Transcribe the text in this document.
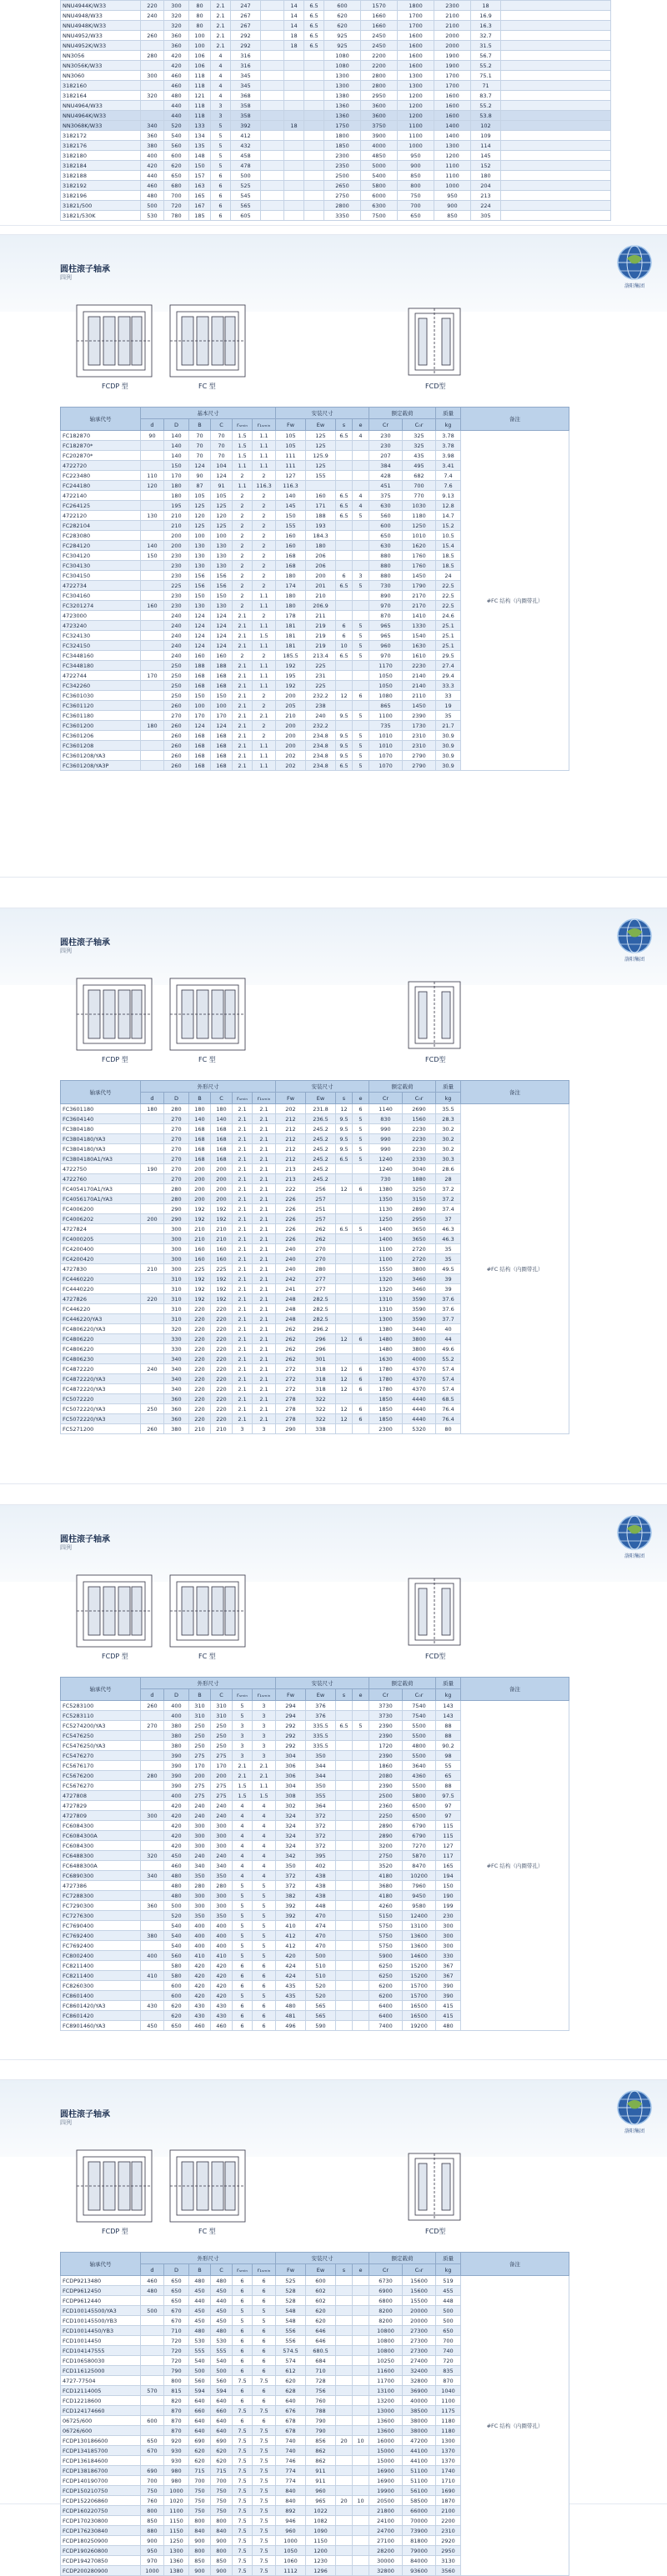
NNU4944K/W33	220	300	80	2.1	247		14	6.5	600	1570	1800	2300	18	
NNU4948/W33	240	320	80	2.1	267		14	6.5	620	1660	1700	2100	16.9	
NNU4948K/W33		320	80	2.1	267		14	6.5	620	1660	1700	2100	16.3	
NNU4952/W33	260	360	100	2.1	292		18	6.5	925	2450	1600	2000	32.7	
NNU4952K/W33		360	100	2.1	292		18	6.5	925	2450	1600	2000	31.5	
NN3056	280	420	106	4	316				1080	2200	1600	1900	56.7	
NN3056K/W33		420	106	4	316				1080	2200	1600	1900	55.2	
NN3060	300	460	118	4	345				1300	2800	1300	1700	75.1	
3182160		460	118	4	345				1300	2800	1300	1700	71	
3182164	320	480	121	4	368				1380	2950	1200	1600	83.7	
NNU4964/W33		440	118	3	358				1360	3600	1200	1600	55.2	
NNU4964K/W33		440	118	3	358				1360	3600	1200	1600	53.8	
NN3068K/W33	340	520	133	5	392		18		1750	3750	1100	1400	102	
3182172	360	540	134	5	412				1800	3900	1100	1400	109	
3182176	380	560	135	5	432				1850	4000	1000	1300	114	
3182180	400	600	148	5	458				2300	4850	950	1200	145	
3182184	420	620	150	5	478				2350	5000	900	1100	152	
3182188	440	650	157	6	500				2500	5400	850	1100	180	
3182192	460	680	163	6	525				2650	5800	800	1000	204	
3182196	480	700	165	6	545				2750	6000	750	950	213	
31821/500	500	720	167	6	565				2800	6300	700	900	224	
31821/530K	530	780	185	6	605				3350	7500	650	850	305	
圆柱滚子轴承
四列
洛阳集团
FCDP 型	FC 型	FCD型
轴承代号	基本尺寸						安装尺寸				额定载荷		质量	备注
	d	D	B	C	rₛₘᵢₙ	r₁ₛₘᵢₙ	Fw	Ew	s	e	Cr	C₀r	kg	
FC182870	90	140	70	70	1.5	1.1	105	125	6.5	4	230	325	3.78	#FC 结构（内圈带孔）
FC182870*		140	70	70	1.5	1.1	105	125			230	325	3.78	
FC202870*		140	70	70	1.5	1.1	111	125.9			207	435	3.98	
4722720		150	124	104	1.1	1.1	111	125			384	495	3.41	
FC223480	110	170	90	124	2	2	127	155			428	682	7.4	
FC244180	120	180	87	91	1.1	116.3	116.3				451	700	7.6	
4722140		180	105	105	2	2	140	160	6.5	4	375	770	9.13	
FC264125		195	125	125	2	2	145	171	6.5	4	630	1030	12.8	
4722120	130	210	120	120	2	2	150	188	6.5	5	560	1180	14.7	
FC282104		210	125	125	2	2	155	193			600	1250	15.2	
FC283080		200	100	100	2	2	160	184.3			650	1010	10.5	
FC284120	140	200	130	130	2	2	160	180			630	1620	15.4	
FC304120	150	230	130	130	2	2	168	206			880	1760	18.5	
FC304130		230	130	130	2	2	168	206			880	1760	18.5	
FC304150		230	156	156	2	2	180	200	6	3	880	1450	24	
4722734		225	156	156	2	2	174	201	6.5	5	730	1790	22.5	
FC304160		230	150	150	2	1.1	180	210			890	2170	22.5	
FC3201274	160	230	130	130	2	1.1	180	206.9			970	2170	22.5	
4723000		240	124	124	2.1	2	178	211			870	1410	24.6	
4723240		240	124	124	2.1	1.1	181	219	6	5	965	1330	25.1	
FC324130		240	124	124	2.1	1.5	181	219	6	5	965	1540	25.1	
FC324150		240	124	124	2.1	1.1	181	219	10	5	960	1630	25.1	
FC3448160		240	160	160	2	2	185.5	213.4	6.5	5	970	1610	29.5	
FC3448180		250	188	188	2.1	1.1	192	225			1170	2230	27.4	
4722744	170	250	168	168	2.1	1.1	195	231			1050	2140	29.4	
FC342260		250	168	168	2.1	1.1	192	225			1050	2140	33.3	
FC3601030		250	150	150	2.1	2	200	232.2	12	6	1080	2110	33	
FC3601120		260	100	100	2.1	2	205	238			865	1450	19	
FC3601180		270	170	170	2.1	2.1	210	240	9.5	5	1100	2390	35	
FC3601200	180	260	124	124	2.1	2	200	232.2			735	1730	21.7	
FC3601206		260	168	168	2.1	2	200	234.8	9.5	5	1010	2310	30.9	
FC3601208		260	168	168	2.1	1.1	200	234.8	9.5	5	1010	2310	30.9	
FC3601208/YA3		260	168	168	2.1	1.1	202	234.8	9.5	5	1070	2790	30.9	
FC3601208/YA3P		260	168	168	2.1	1.1	202	234.8	6.5	5	1070	2790	30.9	
圆柱滚子轴承
四列
洛阳集团
FCDP 型	FC 型	FCD型
轴承代号	外形尺寸						安装尺寸				额定载荷		质量	备注
	d	D	B	C	rₛₘᵢₙ	r₁ₛₘᵢₙ	Fw	Ew	s	e	Cr	C₀r	kg	
FC3601180	180	280	180	180	2.1	2.1	202	231.8	12	6	1140	2690	35.5	#FC 结构（内圈带孔）
FC3604140		270	140	140	2.1	2.1	212	236.5	9.5	5	830	1560	28.3	
FC3804180		270	168	168	2.1	2.1	212	245.2	9.5	5	990	2230	30.2	
FC3804180/YA3		270	168	168	2.1	2.1	212	245.2	9.5	5	990	2230	30.2	
FC3804180/YA3		270	168	168	2.1	2.1	212	245.2	9.5	5	990	2230	30.2	
FC3804180A1/YA3		270	168	168	2.1	2.1	212	245.2	6.5	5	1240	2330	30.3	
4722750	190	270	200	200	2.1	2.1	213	245.2			1240	3040	28.6	
4722760		270	200	200	2.1	2.1	213	245.2			730	1880	28	
FC4054170A1/YA3		280	200	200	2.1	2.1	222	256	12	6	1380	3250	37.2	
FC4056170A1/YA3		280	200	200	2.1	2.1	226	257			1350	3150	37.2	
FC4006200		290	192	192	2.1	2.1	226	251			1130	2890	37.4	
FC4006202	200	290	192	192	2.1	2.1	226	257			1250	2950	37	
4727824		300	210	210	2.1	2.1	226	262	6.5	5	1400	3650	46.3	
FC4000205		300	210	210	2.1	2.1	226	262			1400	3650	46.3	
FC4200400		300	160	160	2.1	2.1	240	270			1100	2720	35	
FC4200420		300	160	160	2.1	2.1	240	270			1100	2720	35	
4727830	210	300	225	225	2.1	2.1	240	280			1550	3800	49.5	
FC4460220		310	192	192	2.1	2.1	242	277			1320	3460	39	
FC4440220		310	192	192	2.1	2.1	241	277			1320	3460	39	
4727826	220	310	192	192	2.1	2.1	248	282.5			1310	3590	37.6	
FC446220		310	220	220	2.1	2.1	248	282.5			1310	3590	37.6	
FC446220/YA3		310	220	220	2.1	2.1	248	282.5			1300	3590	37.7	
FC4806220/YA3		320	220	220	2.1	2.1	262	296.2			1380	3440	40	
FC4806220		330	220	220	2.1	2.1	262	296	12	6	1480	3800	44	
FC4806220		330	220	220	2.1	2.1	262	296			1480	3800	49.6	
FC4806230		340	220	220	2.1	2.1	262	301			1630	4000	55.2	
FC4872220	240	340	220	220	2.1	2.1	272	318	12	6	1780	4370	57.4	
FC4872220/YA3		340	220	220	2.1	2.1	272	318	12	6	1780	4370	57.4	
FC4872220/YA3		340	220	220	2.1	2.1	272	318	12	6	1780	4370	57.4	
FC5072220		360	220	220	2.1	2.1	278	322			1850	4440	68.5	
FC5072220/YA3	250	360	220	220	2.1	2.1	278	322	12	6	1850	4440	76.4	
FC5072220/YA3		360	220	220	2.1	2.1	278	322	12	6	1850	4440	76.4	
FC5271200	260	380	210	210	3	3	290	338			2300	5320	80	
圆柱滚子轴承
四列
洛阳集团
FCDP 型	FC 型	FCD型
轴承代号	外形尺寸						安装尺寸				额定载荷		质量	备注
	d	D	B	C	rₛₘᵢₙ	r₁ₛₘᵢₙ	Fw	Ew	s	e	Cr	C₀r	kg	
FC5283100	260	400	310	310	5	3	294	376			3730	7540	143	#FC 结构（内圈带孔）
FC5283110		400	310	310	5	3	294	376			3730	7540	143	
FC5274200/YA3	270	380	250	250	3	3	292	335.5	6.5	5	2390	5500	88	
FC5476250		380	250	250	3	3	292	335.5			2390	5500	88	
FC5476250/YA3		380	250	250	3	3	292	335.5			1720	4800	90.2	
FC5476270		390	275	275	3	3	304	350			2390	5500	98	
FC5676170		390	170	170	2.1	2.1	306	344			1860	3640	55	
FC5676200	280	390	200	200	2.1	2.1	306	344			2080	4360	65	
FC5676270		390	275	275	1.5	1.1	304	350			2390	5500	88	
4727808		400	275	275	1.5	1.5	308	355			2500	5800	97.5	
4727829		420	240	240	4	4	302	364			2360	6500	97	
4727809	300	420	240	240	4	4	324	372			2250	6500	97	
FC6084300		420	300	300	4	4	324	372			2890	6790	115	
FC6084300A		420	300	300	4	4	324	372			2890	6790	115	
FC6084300		420	300	300	4	4	324	372			3200	7270	127	
FC6488300	320	450	240	240	4	4	342	395			2750	5870	117	
FC6488300A		460	340	340	4	4	350	402			3520	8470	165	
FC6890300	340	480	350	350	4	4	372	438			4180	10200	194	
4727386		480	280	280	5	5	372	438			3680	7960	150	
FC7288300		480	300	300	5	5	382	438			4180	9450	190	
FC7290300	360	500	300	300	5	5	392	448			4260	9580	199	
FC7276300		520	350	350	5	5	392	470			5150	12400	230	
FC7690400		540	400	400	5	5	410	474			5750	13100	300	
FC7692400	380	540	400	400	5	5	412	470			5750	13600	300	
FC7692400		540	400	400	5	5	412	470			5750	13600	300	
FC8002400	400	560	410	410	5	5	420	500			5900	14600	330	
FC8211400		580	420	420	6	6	424	510			6250	15200	367	
FC8211400	410	580	420	420	6	6	424	510			6250	15200	367	
FC8260300		600	420	420	6	6	435	520			6200	15700	390	
FC8601400		600	420	420	5	5	435	520			6200	15700	390	
FC8601420/YA3	430	620	430	430	6	6	480	565			6400	16500	415	
FC8601420		620	430	430	6	6	481	565			6400	16500	415	
FC8901460/YA3	450	650	460	460	6	6	496	590			7400	19200	480	
圆柱滚子轴承
四列
洛阳集团
FCDP 型	FC 型	FCD型
轴承代号	外形尺寸						安装尺寸				额定载荷		质量	备注
	d	D	B	C	rₛₘᵢₙ	r₁ₛₘᵢₙ	Fw	Ew	s	e	Cr	C₀r	kg	
FCDP9213480	460	650	480	480	6	6	525	600			6730	15600	519	#FC 结构（内圈带孔）
FCDP9612450	480	650	450	450	6	6	528	602			6900	15600	455	
FCDP9612440		650	440	440	6	6	528	602			6800	15500	448	
FCD100145500/YA3	500	670	450	450	5	5	548	620			8200	20000	500	
FCD100145500/YB3		670	450	450	5	5	548	620			8200	20000	500	
FCD10014450/YB3		710	480	480	6	6	556	646			10800	27300	650	
FCD10014450		720	530	530	6	6	556	646			10800	27300	700	
FCD104147555		720	555	555	6	6	574.5	680.5			10800	27300	740	
FCD106580030		720	540	540	6	6	574	684			10250	27400	720	
FCD116125000		790	500	500	6	6	612	710			11600	32400	835	
4727-77504		800	560	560	7.5	7.5	620	728			11700	32800	870	
FCD12114005	570	815	594	594	6	6	628	756			13100	36900	1040	
FCD12218600		820	640	640	6	6	640	760			13200	40000	1100	
FCD124174660		870	660	660	7.5	7.5	676	788			13000	38500	1175	
06725/600	600	870	640	640	6	6	678	790			13600	38000	1180	
06726/600		870	640	640	7.5	7.5	678	790			13600	38000	1180	
FCDP130186600	650	920	690	690	7.5	7.5	740	856	20	10	16000	47200	1300	
FCDP134185700	670	930	620	620	7.5	7.5	740	862			15000	44100	1370	
FCDP136184600		930	620	620	7.5	7.5	746	862			15000	44100	1370	
FCDP138186700	690	980	715	715	7.5	7.5	774	911			16900	51100	1740	
FCDP140190700	700	980	700	700	7.5	7.5	774	911			16900	51100	1710	
FCDP150210750	750	1000	750	750	7.5	7.5	840	960			19900	56100	1690	
FCDP152206860	760	1020	750	750	7.5	7.5	840	965	20	10	20500	58500	1870	
FCDP160220750	800	1100	750	750	7.5	7.5	892	1022			21800	66000	2100	
FCDP170230800	850	1150	800	800	7.5	7.5	946	1082			24100	70000	2200	
FCDP176230840	880	1150	840	840	7.5	7.5	960	1090			24700	73900	2310	
FCDP180250900	900	1250	900	900	7.5	7.5	1000	1150			27100	81800	2920	
FCDP190260800	950	1300	800	800	7.5	7.5	1050	1200			28200	79000	2950	
FCDP194270850	970	1360	850	850	7.5	7.5	1060	1230			30000	84000	3130	
FCDP200280900	1000	1380	900	900	7.5	7.5	1112	1296			32800	93600	3560	
